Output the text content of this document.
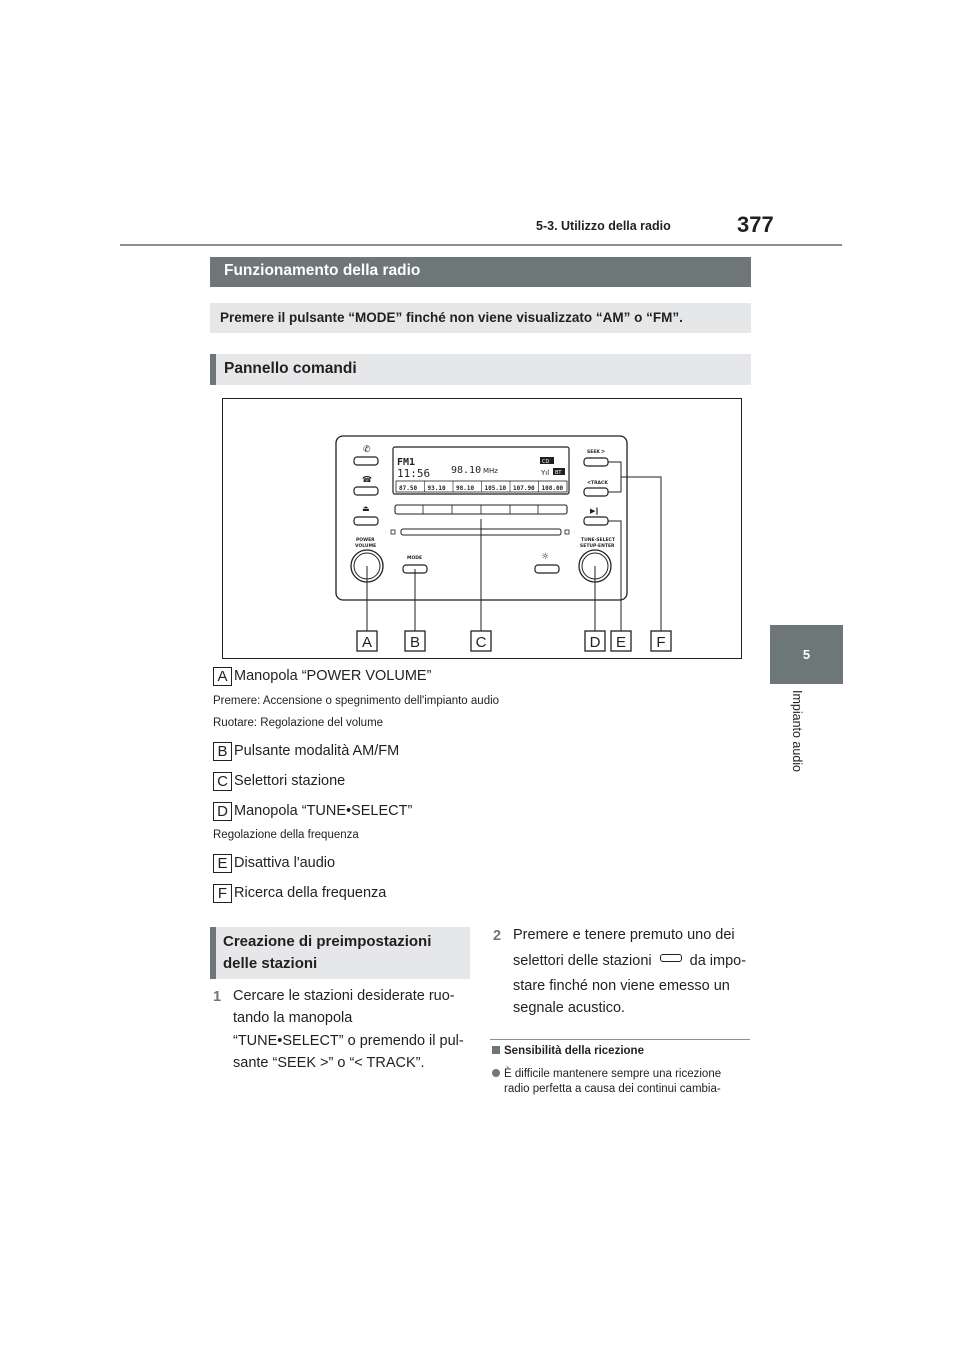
5-3. Utilizzo della radio	377
5
Impianto audio
Funzionamento della radio
Premere il pulsante “MODE” finché non viene visualizzato “AM” o “FM”.
Pannello comandi
✆
☎
⏏
FM1
11:56 98.10 MHz
CD
BT
Yıl
87.50 93.10 98.10 105.10 107.90 108.00
POWER
VOLUME
MODE	☼
SEEK >
< TRACK
▶‖
TUNE·SELECT
SETUP·ENTER
A	B	C	D E F
A Manopola “POWER VOLUME”
Premere: Accensione o spegnimento dell'impianto audio
Ruotare: Regolazione del volume
B Pulsante modalità AM/FM
C Selettori stazione
D Manopola “TUNE•SELECT”
Regolazione della frequenza
E Disattiva l'audio
F Ricerca della frequenza
Creazione di preimpostazioni
delle stazioni
1 Cercare le stazioni desiderate ruo-
tando la manopola
“TUNE•SELECT” o premendo il pul-
sante “SEEK >” o “< TRACK”.
2 Premere e tenere premuto uno dei
selettori delle stazioni	da impo-
stare finché non viene emesso un
segnale acustico.
Sensibilità della ricezione
È difficile mantenere sempre una ricezione
radio perfetta a causa dei continui cambia-
